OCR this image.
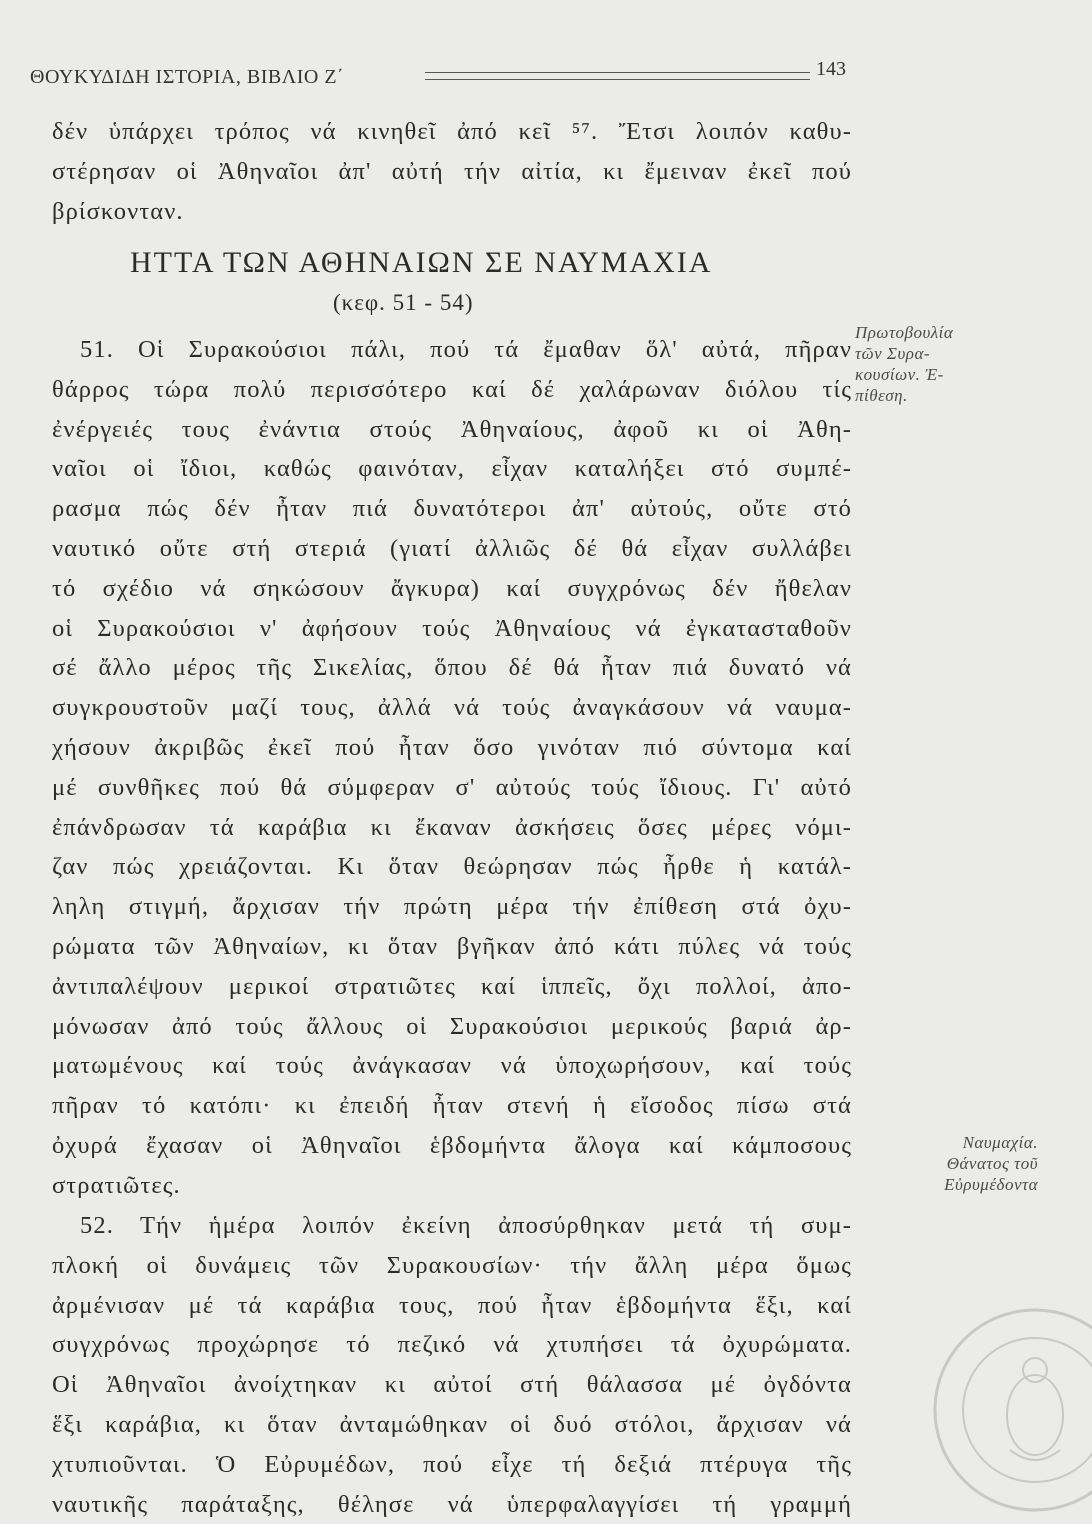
ΘΟΥΚΥΔΙΔΗ ΙΣΤΟΡΙΑ, ΒΙΒΛΙΟ Ζ΄	143
δέν ὑπάρχει τρόπος νά κινηθεῖ ἀπό κεῖ ⁵⁷. Ἔτσι λοιπόν καθυ-
στέρησαν οἱ Ἀθηναῖοι ἀπ' αὐτή τήν αἰτία, κι ἔμειναν ἐκεῖ πού
βρίσκονταν.
ΗΤΤΑ ΤΩΝ ΑΘΗΝΑΙΩΝ ΣΕ ΝΑΥΜΑΧΙΑ
(κεφ. 51 - 54)
51. Οἱ Συρακούσιοι πάλι, πού τά ἔμαθαν ὅλ' αὐτά, πῆραν
θάρρος τώρα πολύ περισσότερο καί δέ χαλάρωναν διόλου τίς
ἐνέργειές τους ἐνάντια στούς Ἀθηναίους, ἀφοῦ κι οἱ Ἀθη-
ναῖοι οἱ ἴδιοι, καθώς φαινόταν, εἶχαν καταλήξει στό συμπέ-
ρασμα πώς δέν ἦταν πιά δυνατότεροι ἀπ' αὐτούς, οὔτε στό
ναυτικό οὔτε στή στεριά (γιατί ἀλλιῶς δέ θά εἶχαν συλλάβει
τό σχέδιο νά σηκώσουν ἄγκυρα) καί συγχρόνως δέν ἤθελαν
οἱ Συρακούσιοι ν' ἀφήσουν τούς Ἀθηναίους νά ἐγκατασταθοῦν
σέ ἄλλο μέρος τῆς Σικελίας, ὅπου δέ θά ἦταν πιά δυνατό νά
συγκρουστοῦν μαζί τους, ἀλλά νά τούς ἀναγκάσουν νά ναυμα-
χήσουν ἀκριβῶς ἐκεῖ πού ἦταν ὅσο γινόταν πιό σύντομα καί
μέ συνθῆκες πού θά σύμφεραν σ' αὐτούς τούς ἴδιους. Γι' αὐτό
ἐπάνδρωσαν τά καράβια κι ἔκαναν ἀσκήσεις ὅσες μέρες νόμι-
ζαν πώς χρειάζονται. Κι ὅταν θεώρησαν πώς ἦρθε ἡ κατάλ-
ληλη στιγμή, ἄρχισαν τήν πρώτη μέρα τήν ἐπίθεση στά ὀχυ-
ρώματα τῶν Ἀθηναίων, κι ὅταν βγῆκαν ἀπό κάτι πύλες νά τούς
ἀντιπαλέψουν μερικοί στρατιῶτες καί ἱππεῖς, ὄχι πολλοί, ἀπο-
μόνωσαν ἀπό τούς ἄλλους οἱ Συρακούσιοι μερικούς βαριά ἀρ-
ματωμένους καί τούς ἀνάγκασαν νά ὑποχωρήσουν, καί τούς
πῆραν τό κατόπι· κι ἐπειδή ἦταν στενή ἡ εἴσοδος πίσω στά
ὀχυρά ἔχασαν οἱ Ἀθηναῖοι ἑβδομήντα ἄλογα καί κάμποσους
στρατιῶτες.
52. Τήν ἡμέρα λοιπόν ἐκείνη ἀποσύρθηκαν μετά τή συμ-
πλοκή οἱ δυνάμεις τῶν Συρακουσίων· τήν ἄλλη μέρα ὅμως
ἀρμένισαν μέ τά καράβια τους, πού ἦταν ἑβδομήντα ἕξι, καί
συγχρόνως προχώρησε τό πεζικό νά χτυπήσει τά ὀχυρώματα.
Οἱ Ἀθηναῖοι ἀνοίχτηκαν κι αὐτοί στή θάλασσα μέ ὀγδόντα
ἕξι καράβια, κι ὅταν ἀνταμώθηκαν οἱ δυό στόλοι, ἄρχισαν νά
χτυπιοῦνται. Ὁ Εὐρυμέδων, πού εἶχε τή δεξιά πτέρυγα τῆς
ναυτικῆς παράταξης, θέλησε νά ὑπερφαλαγγίσει τή γραμμή
Πρωτοβουλία
τῶν Συρα-
κουσίων. Ἐ-
πίθεση.
Ναυμαχία.
Θάνατος τοῦ
Εὐρυμέδοντα
